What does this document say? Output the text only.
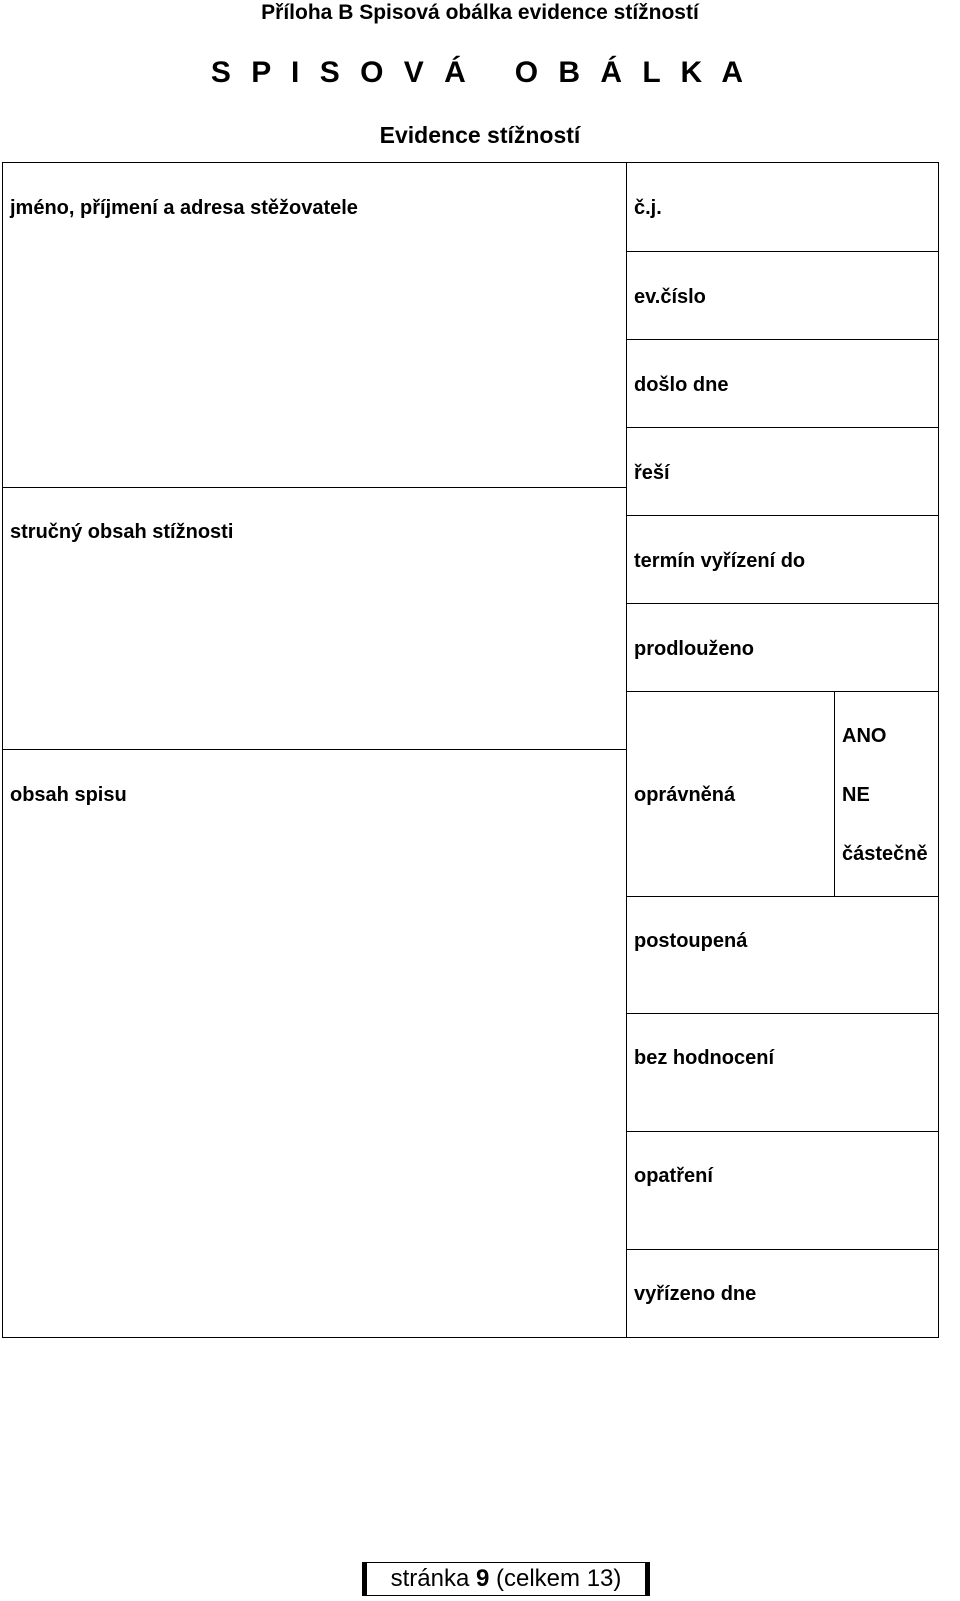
Příloha B Spisová obálka evidence stížností
S P I S O V Á   O B Á L K A
Evidence stížností
jméno, příjmení a adresa stěžovatele
stručný obsah stížnosti
obsah spisu
č.j.
ev.číslo
došlo dne
řeší
termín vyřízení do
prodlouženo
oprávněná
ANO
NE
částečně
postoupená
bez hodnocení
opatření
vyřízeno dne
stránka 9 (celkem 13)
